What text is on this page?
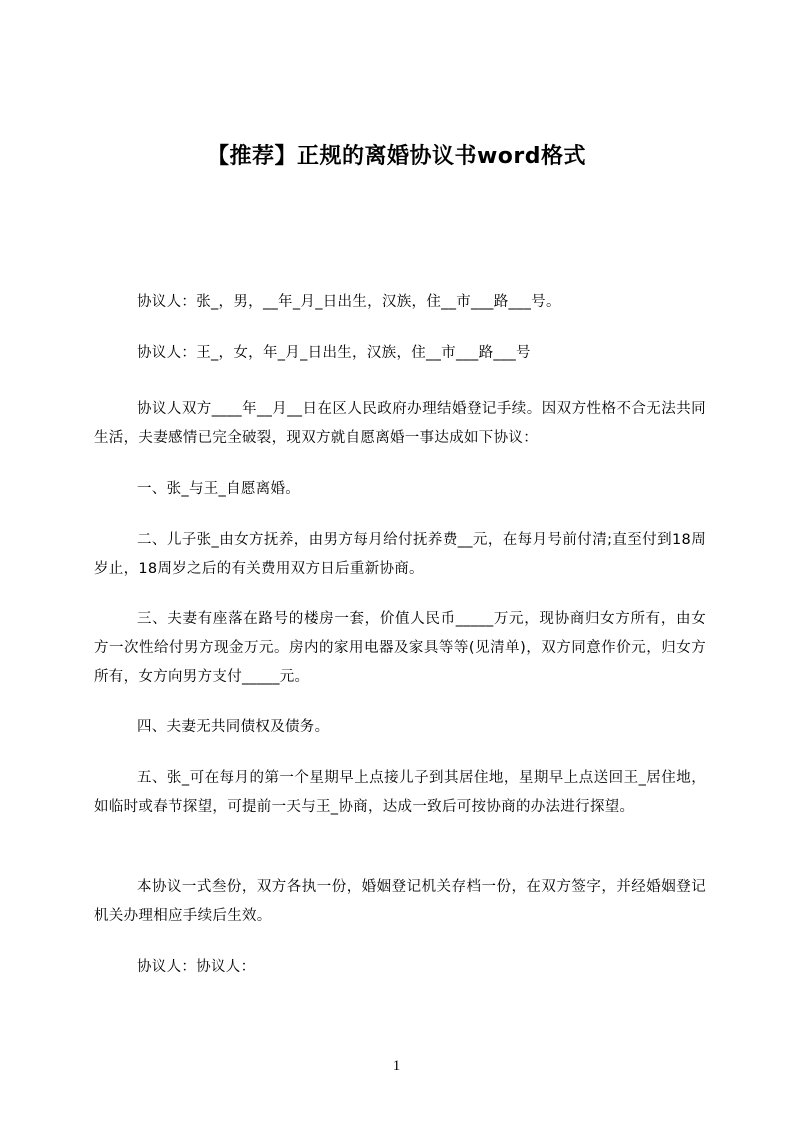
【推荐】正规的离婚协议书word格式

协议人：张_，男，__年_月_日出生，汉族，住__市___路___号。

协议人：王_，女，年_月_日出生，汉族，住__市___路___号

协议人双方____年__月__日在区人民政府办理结婚登记手续。因双方性格不合无法共同生活，夫妻感情已完全破裂，现双方就自愿离婚一事达成如下协议：

一、张_与王_自愿离婚。

二、儿子张_由女方抚养，由男方每月给付抚养费__元，在每月号前付清;直至付到18周岁止，18周岁之后的有关费用双方日后重新协商。

三、夫妻有座落在路号的楼房一套，价值人民币_____万元，现协商归女方所有，由女方一次性给付男方现金万元。房内的家用电器及家具等等(见清单)，双方同意作价元，归女方所有，女方向男方支付_____元。

四、夫妻无共同债权及债务。

五、张_可在每月的第一个星期早上点接儿子到其居住地，星期早上点送回王_居住地，如临时或春节探望，可提前一天与王_协商，达成一致后可按协商的办法进行探望。

本协议一式叁份，双方各执一份，婚姻登记机关存档一份，在双方签字，并经婚姻登记机关办理相应手续后生效。

协议人：协议人：

1
